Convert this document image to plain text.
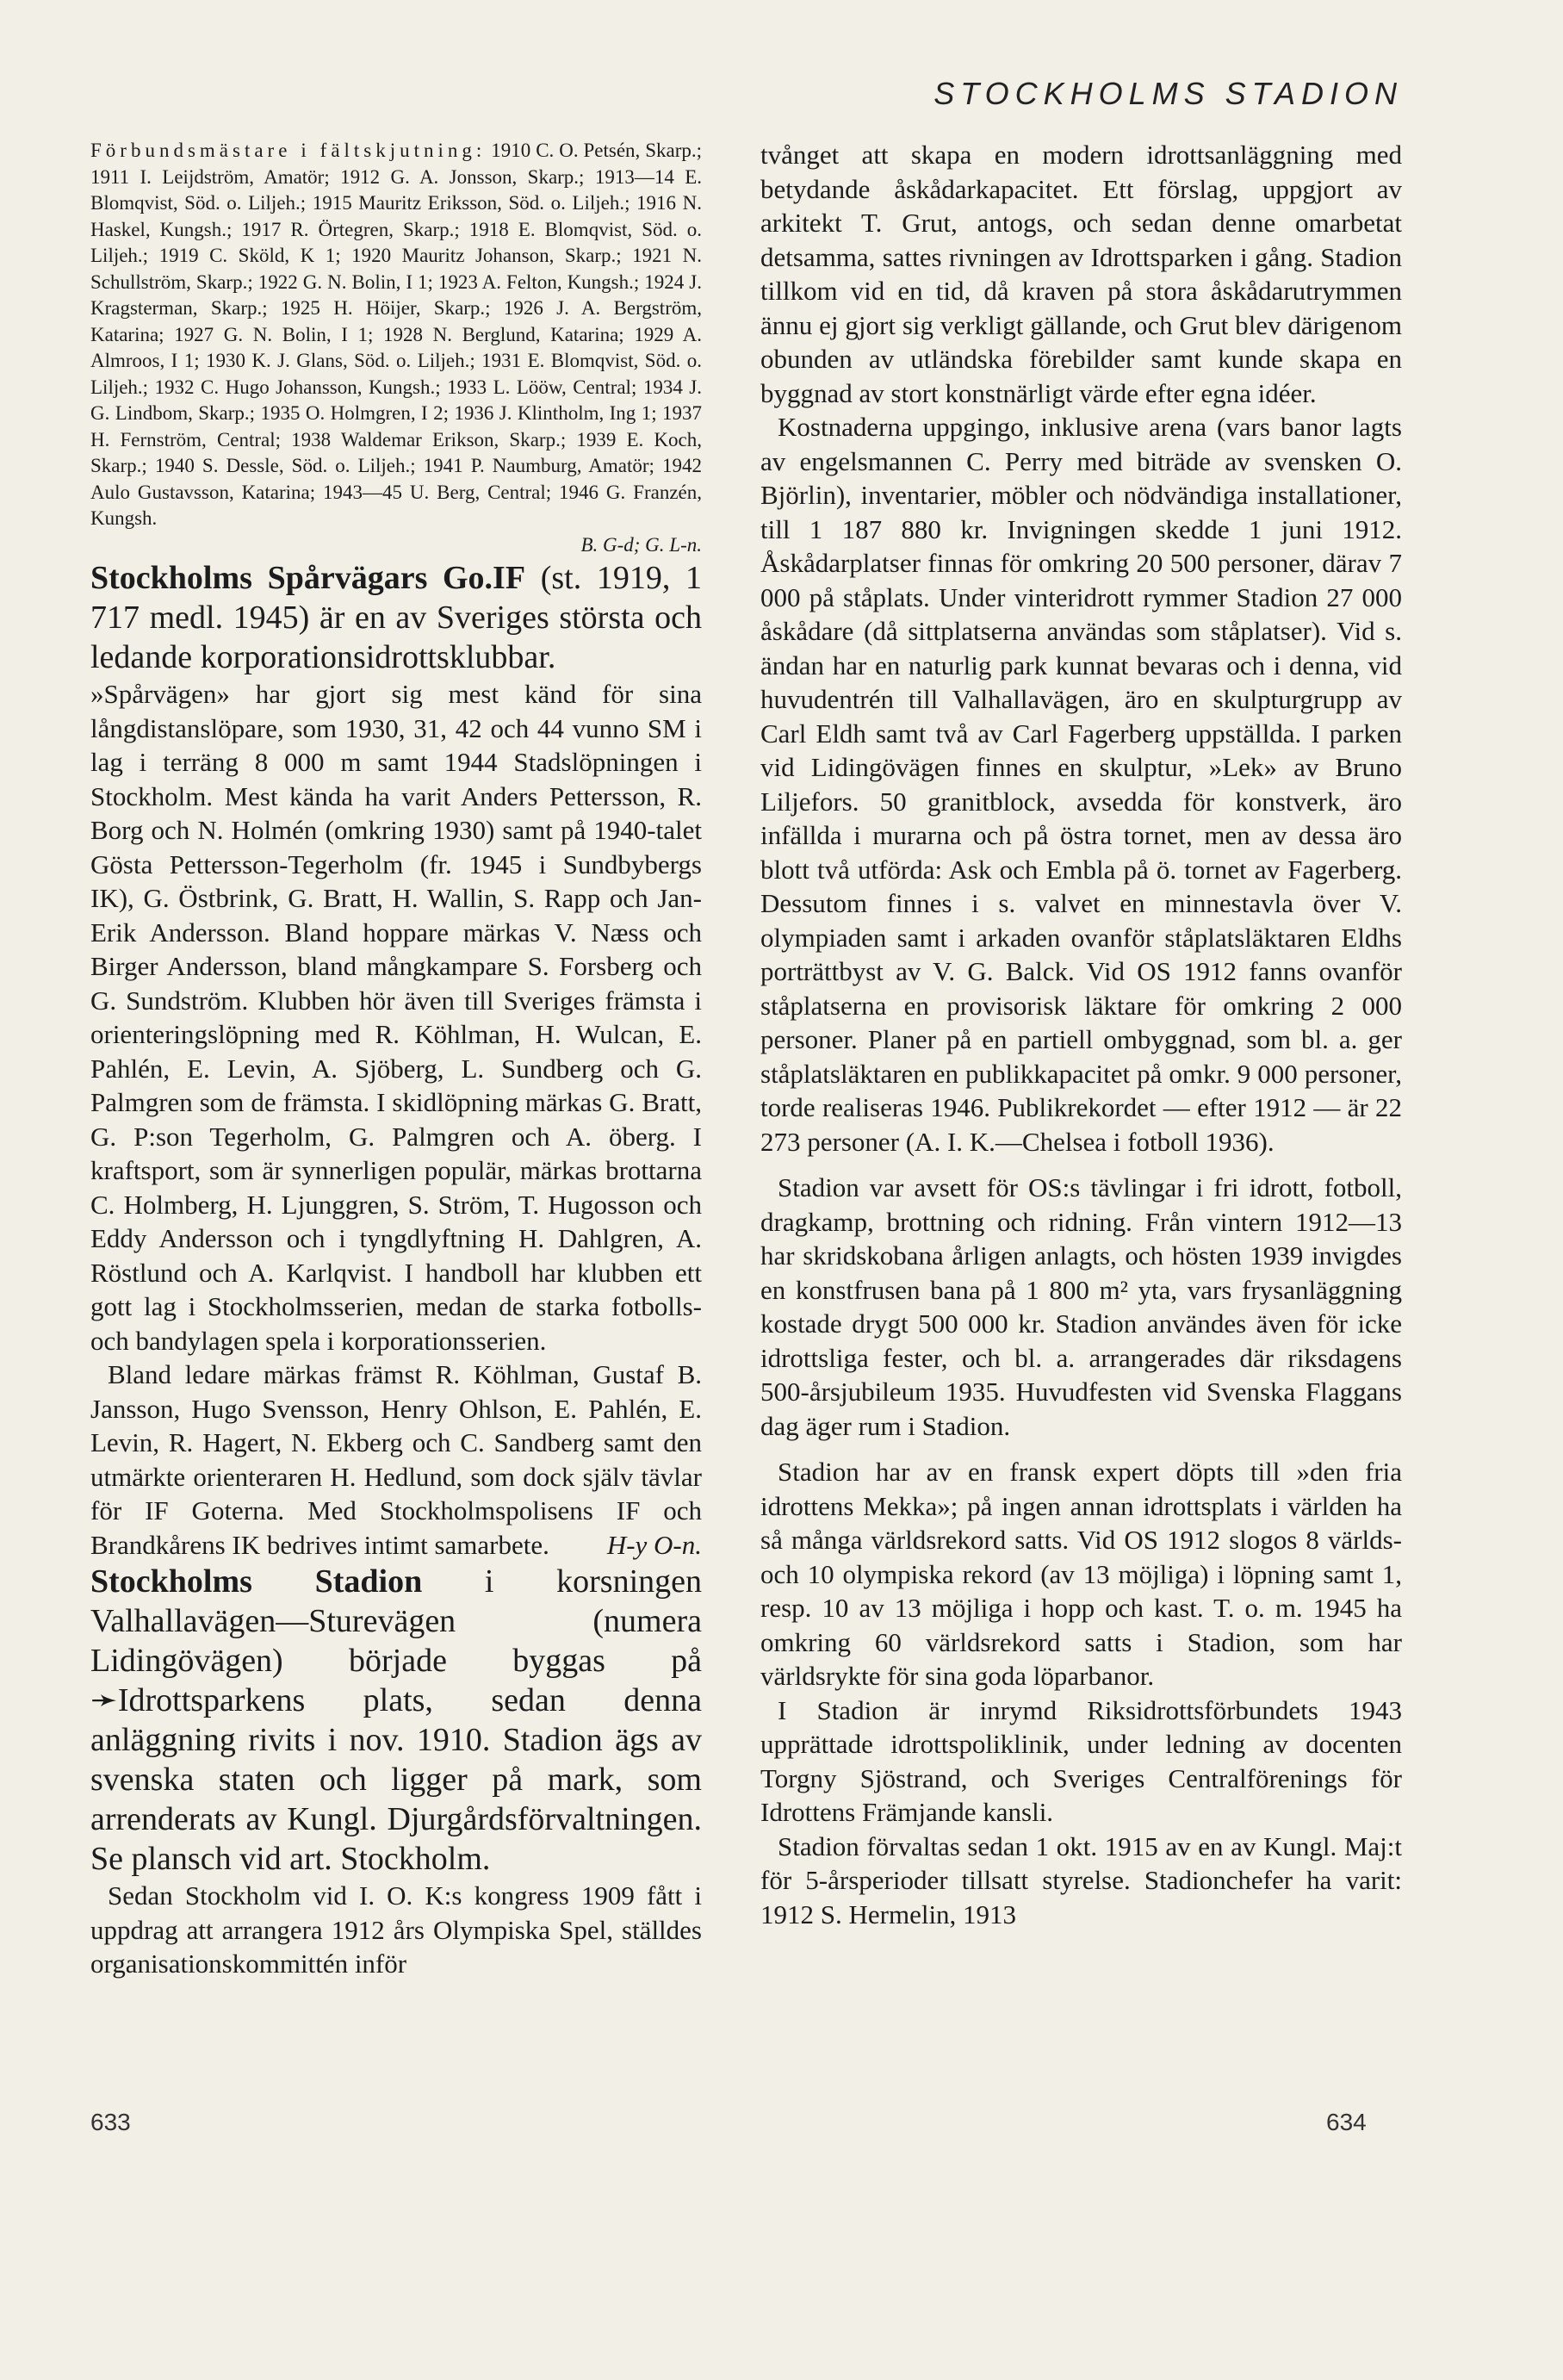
STOCKHOLMS STADION
Förbundsmästare i fältskjutning: 1910 C. O. Petsén, Skarp.; 1911 I. Leijdström, Amatör; 1912 G. A. Jonsson, Skarp.; 1913—14 E. Blomqvist, Söd. o. Liljeh.; 1915 Mauritz Eriksson, Söd. o. Liljeh.; 1916 N. Haskel, Kungsh.; 1917 R. Örtegren, Skarp.; 1918 E. Blomqvist, Söd. o. Liljeh.; 1919 C. Sköld, K 1; 1920 Mauritz Johanson, Skarp.; 1921 N. Schullström, Skarp.; 1922 G. N. Bolin, I 1; 1923 A. Felton, Kungsh.; 1924 J. Kragsterman, Skarp.; 1925 H. Höijer, Skarp.; 1926 J. A. Bergström, Katarina; 1927 G. N. Bolin, I 1; 1928 N. Berglund, Katarina; 1929 A. Almroos, I 1; 1930 K. J. Glans, Söd. o. Liljeh.; 1931 E. Blomqvist, Söd. o. Liljeh.; 1932 C. Hugo Johansson, Kungsh.; 1933 L. Lööw, Central; 1934 J. G. Lindbom, Skarp.; 1935 O. Holmgren, I 2; 1936 J. Klintholm, Ing 1; 1937 H. Fernström, Central; 1938 Waldemar Erikson, Skarp.; 1939 E. Koch, Skarp.; 1940 S. Dessle, Söd. o. Liljeh.; 1941 P. Naumburg, Amatör; 1942 Aulo Gustavsson, Katarina; 1943—45 U. Berg, Central; 1946 G. Franzén, Kungsh.
B. G-d; G. L-n.

Stockholms Spårvägars Go.IF (st. 1919, 1 717 medl. 1945) är en av Sveriges största och ledande korporationsidrottsklubbar.

»Spårvägen» har gjort sig mest känd för sina långdistanslöpare, som 1930, 31, 42 och 44 vunno SM i lag i terräng 8 000 m samt 1944 Stadslöpningen i Stockholm. Mest kända ha varit Anders Pettersson, R. Borg och N. Holmén (omkring 1930) samt på 1940-talet Gösta Pettersson-Tegerholm (fr. 1945 i Sundbybergs IK), G. Östbrink, G. Bratt, H. Wallin, S. Rapp och Jan-Erik Andersson. Bland hoppare märkas V. Næss och Birger Andersson, bland mångkampare S. Forsberg och G. Sundström. Klubben hör även till Sveriges främsta i orienteringslöpning med R. Köhlman, H. Wulcan, E. Pahlén, E. Levin, A. Sjöberg, L. Sundberg och G. Palmgren som de främsta. I skidlöpning märkas G. Bratt, G. P:son Tegerholm, G. Palmgren och A. öberg. I kraftsport, som är synnerligen populär, märkas brottarna C. Holmberg, H. Ljunggren, S. Ström, T. Hugosson och Eddy Andersson och i tyngdlyftning H. Dahlgren, A. Röstlund och A. Karlqvist. I handboll har klubben ett gott lag i Stockholmsserien, medan de starka fotbolls- och bandylagen spela i korporationsserien.

Bland ledare märkas främst R. Köhlman, Gustaf B. Jansson, Hugo Svensson, Henry Ohlson, E. Pahlén, E. Levin, R. Hagert, N. Ekberg och C. Sandberg samt den utmärkte orienteraren H. Hedlund, som dock själv tävlar för IF Goterna. Med Stockholmspolisens IF och Brandkårens IK bedrives intimt samarbete.	H-y O-n.

Stockholms Stadion i korsningen Valhallavägen—Sturevägen (numera Lidingövägen) började byggas på ➛Idrottsparkens plats, sedan denna anläggning rivits i nov. 1910. Stadion ägs av svenska staten och ligger på mark, som arrenderats av Kungl. Djurgårdsförvaltningen. Se plansch vid art. Stockholm.

Sedan Stockholm vid I. O. K:s kongress 1909 fått i uppdrag att arrangera 1912 års Olympiska Spel, ställdes organisationskommittén inför

tvånget att skapa en modern idrottsanläggning med betydande åskådarkapacitet. Ett förslag, uppgjort av arkitekt T. Grut, antogs, och sedan denne omarbetat detsamma, sattes rivningen av Idrottsparken i gång. Stadion tillkom vid en tid, då kraven på stora åskådarutrymmen ännu ej gjort sig verkligt gällande, och Grut blev därigenom obunden av utländska förebilder samt kunde skapa en byggnad av stort konstnärligt värde efter egna idéer.

Kostnaderna uppgingo, inklusive arena (vars banor lagts av engelsmannen C. Perry med biträde av svensken O. Björlin), inventarier, möbler och nödvändiga installationer, till 1 187 880 kr. Invigningen skedde 1 juni 1912. Åskådarplatser finnas för omkring 20 500 personer, därav 7 000 på ståplats. Under vinteridrott rymmer Stadion 27 000 åskådare (då sittplatserna användas som ståplatser). Vid s. ändan har en naturlig park kunnat bevaras och i denna, vid huvudentrén till Valhallavägen, äro en skulpturgrupp av Carl Eldh samt två av Carl Fagerberg uppställda. I parken vid Lidingövägen finnes en skulptur, »Lek» av Bruno Liljefors. 50 granitblock, avsedda för konstverk, äro infällda i murarna och på östra tornet, men av dessa äro blott två utförda: Ask och Embla på ö. tornet av Fagerberg. Dessutom finnes i s. valvet en minnestavla över V. olympiaden samt i arkaden ovanför ståplatsläktaren Eldhs porträttbyst av V. G. Balck. Vid OS 1912 fanns ovanför ståplatserna en provisorisk läktare för omkring 2 000 personer. Planer på en partiell ombyggnad, som bl. a. ger ståplatsläktaren en publikkapacitet på omkr. 9 000 personer, torde realiseras 1946. Publikrekordet — efter 1912 — är 22 273 personer (A. I. K.—Chelsea i fotboll 1936).

Stadion var avsett för OS:s tävlingar i fri idrott, fotboll, dragkamp, brottning och ridning. Från vintern 1912—13 har skridskobana årligen anlagts, och hösten 1939 invigdes en konstfrusen bana på 1 800 m² yta, vars frysanläggning kostade drygt 500 000 kr. Stadion användes även för icke idrottsliga fester, och bl. a. arrangerades där riksdagens 500-årsjubileum 1935. Huvudfesten vid Svenska Flaggans dag äger rum i Stadion.

Stadion har av en fransk expert döpts till »den fria idrottens Mekka»; på ingen annan idrottsplats i världen ha så många världsrekord satts. Vid OS 1912 slogos 8 världs- och 10 olympiska rekord (av 13 möjliga) i löpning samt 1, resp. 10 av 13 möjliga i hopp och kast. T. o. m. 1945 ha omkring 60 världsrekord satts i Stadion, som har världsrykte för sina goda löparbanor.

I Stadion är inrymd Riksidrottsförbundets 1943 upprättade idrottspoliklinik, under ledning av docenten Torgny Sjöstrand, och Sveriges Centralförenings för Idrottens Främjande kansli.

Stadion förvaltas sedan 1 okt. 1915 av en av Kungl. Maj:t för 5-årsperioder tillsatt styrelse. Stadionchefer ha varit: 1912 S. Hermelin, 1913

633	634
